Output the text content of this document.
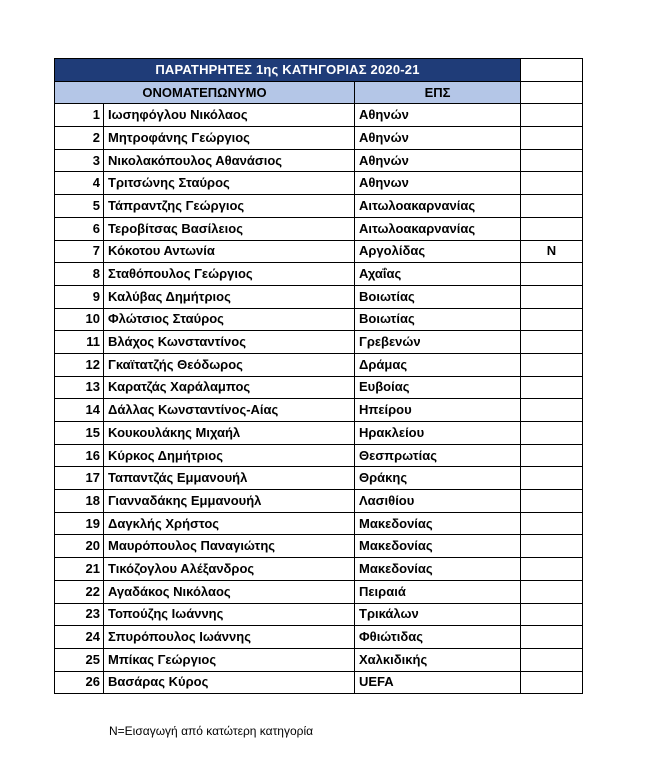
ΠΑΡΑΤΗΡΗΤΕΣ 1ης ΚΑΤΗΓΟΡΙΑΣ 2020-21			
ΟΝΟΜΑΤΕΠΩΝΥΜΟ		ΕΠΣ	
1	Ιωσηφόγλου Νικόλαος	Αθηνών	
2	Μητροφάνης Γεώργιος	Αθηνών	
3	Νικολακόπουλος Αθανάσιος	Αθηνών	
4	Τριτσώνης Σταύρος	Αθηνων	
5	Τάπραντζης Γεώργιος	Αιτωλοακαρνανίας	
6	Τεροβίτσας Βασίλειος	Αιτωλοακαρνανίας	
7	Κόκοτου Αντωνία	Αργολίδας	Ν
8	Σταθόπουλος Γεώργιος	Αχαΐας	
9	Καλύβας Δημήτριος	Βοιωτίας	
10	Φλώτσιος Σταύρος	Βοιωτίας	
11	Βλάχος Κωνσταντίνος	Γρεβενών	
12	Γκαϊτατζής Θεόδωρος	Δράμας	
13	Καρατζάς Χαράλαμπος	Ευβοίας	
14	Δάλλας Κωνσταντίνος-Αίας	Ηπείρου	
15	Κουκουλάκης Μιχαήλ	Ηρακλείου	
16	Κύρκος Δημήτριος	Θεσπρωτίας	
17	Ταπαντζάς Εμμανουήλ	Θράκης	
18	Γιανναδάκης Εμμανουήλ	Λασιθίου	
19	Δαγκλής Χρήστος	Μακεδονίας	
20	Μαυρόπουλος Παναγιώτης	Μακεδονίας	
21	Τικόζογλου Αλέξανδρος	Μακεδονίας	
22	Αγαδάκος Νικόλαος	Πειραιά	
23	Τοπούζης Ιωάννης	Τρικάλων	
24	Σπυρόπουλος Ιωάννης	Φθιώτιδας	
25	Μπίκας Γεώργιος	Χαλκιδικής	
26	Βασάρας Κύρος	UEFA	
Ν=Εισαγωγή από κατώτερη κατηγορία
